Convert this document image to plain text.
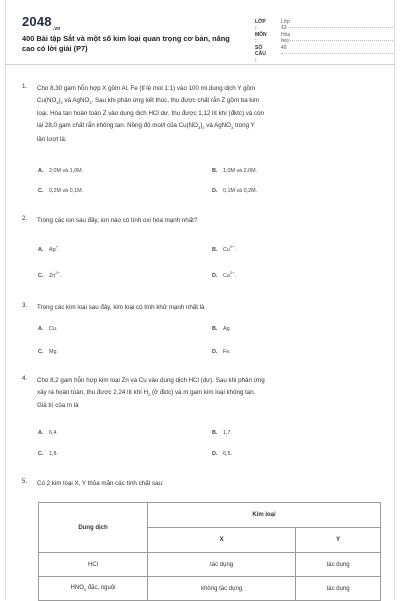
$2048_{.vn}$
400 Bài tập Sắt và một số kim loại quan trọng cơ bản, nâng
cao có lời giải (P7)
LỚP :
Lớp 12
MÔN :
Hóa học
SỐ CÂU :
40
1. Cho 8,30 gam hỗn hợp X gồm Al, Fe (tỉ lệ mol 1:1) vào 100 ml dung dịch Y gồm
$Cu(NO_3)_2$ và AgNO$_3$. Sau khi phản ứng kết thúc, thu được chất rắn Z gồm ba kim
loại. Hòa tan hoàn toàn Z vào dung dịch HCl dư, thu được 1,12 lít khí (đktc) và còn
lại 28,0 gam chất rắn không tan. Nồng độ mol/l của $Cu(NO_3)_2$ và AgNO$_3$ trong Y
lần lượt là:
A. 2,0M và 1,0M.	B. 1,0M và 2,0M.
C. 0,2M và 0,1M.	D. 0,1M và 0,2M.
2. Trong các ion sau đây, ion nào có tính oxi hóa mạnh nhất?
A. Ag+.	B. $Cu^{2+}$.
C. $Zn^{2+}$.	D. $Ca^{2+}$.
3. Trong các kim loại sau đây, kim loại có tính khử mạnh nhất là
A. Cu.	B. Ag.
C. Mg.	D. Fe.
4. Cho 8,2 gam hỗn hợp kim loại Zn và Cu vào dung dịch HCl (dư). Sau khi phản ứng
xảy ra hoàn toàn, thu được 2,24 lít khí $H_2$ (ở đktc) và m gam kim loại không tan.
Giá trị của m là
A. 6,4.	B. 1,7.
C. 1,8.	D. 6,5.
5. Có 2 kim loại X, Y thỏa mãn các tính chất sau:
Dung dịch	Kim loại	
	X	Y
HCl	tác dụng	tác dụng
$HNO_3$ đặc, nguội	không tác dụng	tác dụng
